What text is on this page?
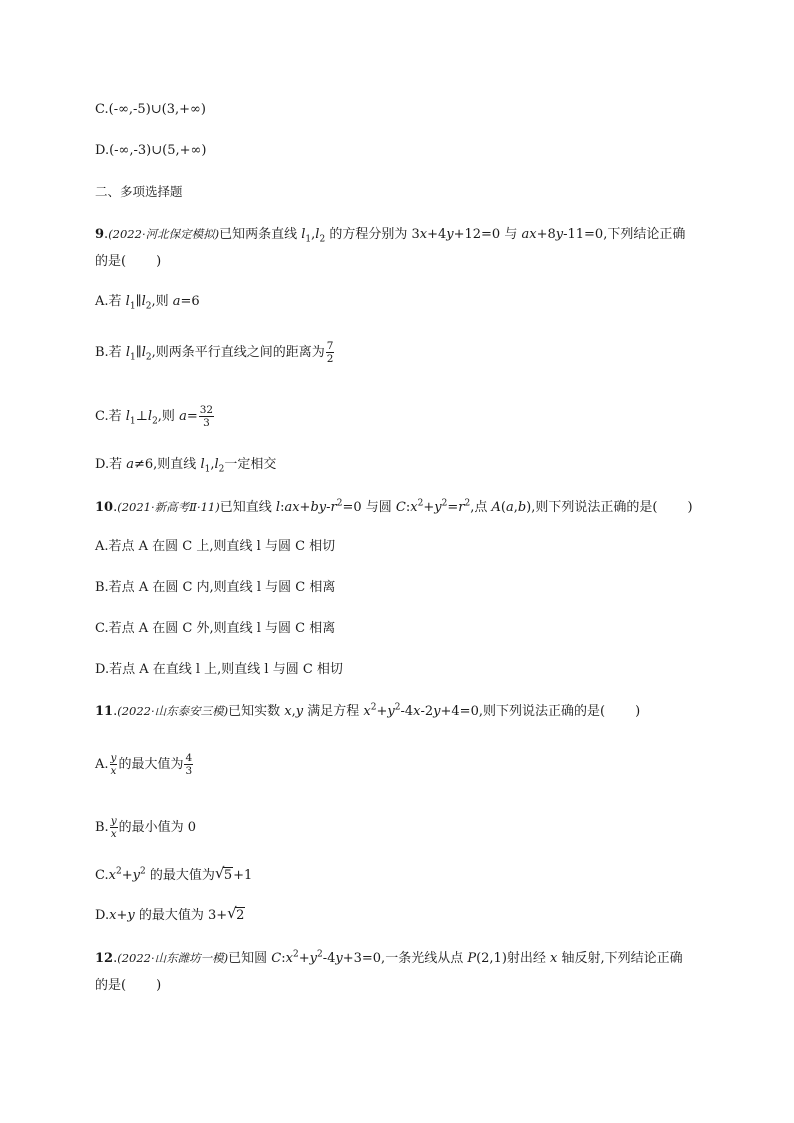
C.(-∞,-5)∪(3,+∞)
D.(-∞,-3)∪(5,+∞)
二、多项选择题
9.(2022·河北保定模拟)已知两条直线 $l_1,l_2$ 的方程分别为 3x+4y+12=0 与 ax+8y-11=0,下列结论正确
的是( )
A.若 $l_1\parallel l_2$,则 a=6
B.若 $l_1\parallel l_2$,则两条平行直线之间的距离为 $\frac{7}{2}$
C.若 $l_1\perp l_2$,则 $a= \frac{32}{3}$
D.若 a≠6,则直线 $l_1,l_2$一定相交
10.(2021·新高考Ⅱ·11)已知直线 $l:ax+by-r^2=0$ 与圆 $C:x^2+y^2=r^2$,点 A(a,b),则下列说法正确的是( )
A.若点 A 在圆 C 上,则直线 l 与圆 C 相切
B.若点 A 在圆 C 内,则直线 l 与圆 C 相离
C.若点 A 在圆 C 外,则直线 l 与圆 C 相离
D.若点 A 在直线 l 上,则直线 l 与圆 C 相切
11.(2022·山东泰安三模)已知实数 x,y 满足方程 $x^2+y^2-4x-2y+4=0$,则下列说法正确的是( )
A. $\frac{y}{x}$ 的最大值为 $\frac{4}{3}$
B. $\frac{y}{x}$ 的最小值为 0
$C.x^2+y^2$ 的最大值为 √ 5+1
D.x+y 的最大值为 3+ √ 2
12.(2022·山东潍坊一模)已知圆 $C:x^2+y^2-4y+3=0$,一条光线从点 P(2,1)射出经 x 轴反射,下列结论正确
的是( )
